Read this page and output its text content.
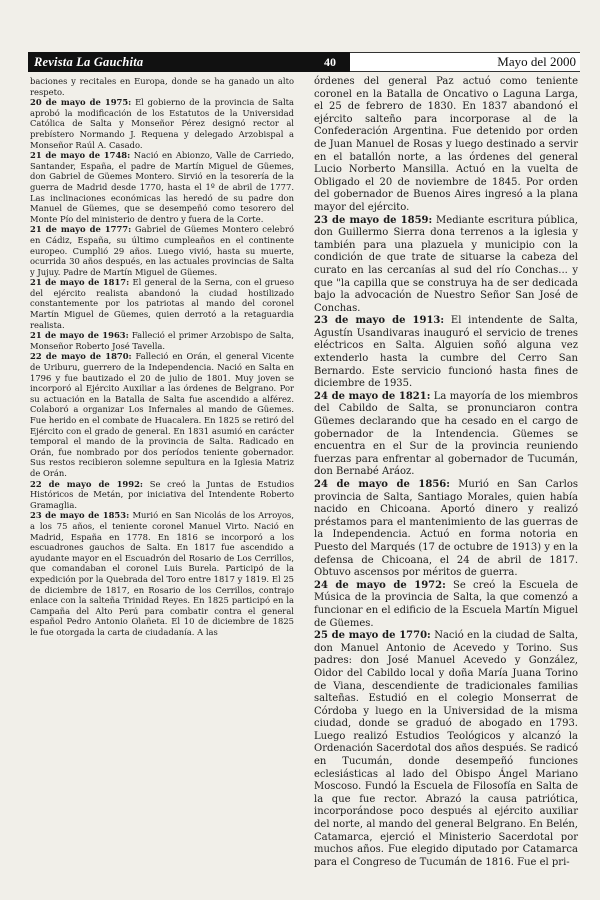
Revista La Gauchita	40	Mayo del 2000

baciones y recitales en Europa, donde se ha ganado un alto respeto.

20 de mayo de 1975: El gobierno de la provincia de Salta aprobó la modificación de los Estatutos de la Universidad Católica de Salta y Monseñor Pérez designó rector al prebístero Normando J. Requena y delegado Arzobispal a Monseñor Raúl A. Casado.

21 de mayo de 1748: Nació en Abionzo, Valle de Carriedo, Santander, España, el padre de Martín Miguel de Güemes, don Gabriel de Güemes Montero. Sirvió en la tesorería de la guerra de Madrid desde 1770, hasta el 1º de abril de 1777. Las inclinaciones económicas las heredó de su padre don Manuel de Güemes, que se desempeñó como tesorero del Monte Pío del ministerio de dentro y fuera de la Corte.

21 de mayo de 1777: Gabriel de Güemes Montero celebró en Cádiz, España, su último cumpleaños en el continente europeo. Cumplió 29 años. Luego vivió, hasta su muerte, ocurrida 30 años después, en las actuales provincias de Salta y Jujuy. Padre de Martín Miguel de Güemes.

21 de mayo de 1817: El general de la Serna, con el grueso del ejército realista abandonó la ciudad hostilizado constantemente por los patriotas al mando del coronel Martín Miguel de Güemes, quien derrotó a la retaguardia realista.

21 de mayo de 1963: Falleció el primer Arzobispo de Salta, Monseñor Roberto José Tavella.

22 de mayo de 1870: Falleció en Orán, el general Vicente de Uriburu, guerrero de la Independencia. Nació en Salta en 1796 y fue bautizado el 20 de julio de 1801. Muy joven se incorporó al Ejército Auxiliar a las órdenes de Belgrano. Por su actuación en la Batalla de Salta fue ascendido a alférez. Colaboró a organizar Los Infernales al mando de Güemes. Fue herido en el combate de Huacalera. En 1825 se retiró del Ejército con el grado de general. En 1831 asumió en carácter temporal el mando de la provincia de Salta. Radicado en Orán, fue nombrado por dos períodos teniente gobernador. Sus restos recibieron solemne sepultura en la Iglesia Matriz de Orán.

22 de mayo de 1992: Se creó la Juntas de Estudios Históricos de Metán, por iniciativa del Intendente Roberto Gramaglia.

23 de mayo de 1853: Murió en San Nicolás de los Arroyos, a los 75 años, el teniente coronel Manuel Virto. Nació en Madrid, España en 1778. En 1816 se incorporó a los escuadrones gauchos de Salta. En 1817 fue ascendido a ayudante mayor en el Escuadrón del Rosario de Los Cerrillos, que comandaban el coronel Luis Burela. Participó de la expedición por la Quebrada del Toro entre 1817 y 1819. El 25 de diciembre de 1817, en Rosario de los Cerrillos, contrajo enlace con la salteña Trinidad Reyes. En 1825 participó en la Campaña del Alto Perú para combatir contra el general español Pedro Antonio Olañeta. El 10 de diciembre de 1825 le fue otorgada la carta de ciudadanía. A las

órdenes del general Paz actuó como teniente coronel en la Batalla de Oncativo o Laguna Larga, el 25 de febrero de 1830. En 1837 abandonó el ejército salteño para incorporase al de la Confederación Argentina. Fue detenido por orden de Juan Manuel de Rosas y luego destinado a servir en el batallón norte, a las órdenes del general Lucio Norberto Mansilla. Actuó en la vuelta de Obligado el 20 de noviembre de 1845. Por orden del gobernador de Buenos Aires ingresó a la plana mayor del ejército.

23 de mayo de 1859: Mediante escritura pública, don Guillermo Sierra dona terrenos a la iglesia y también para una plazuela y municipio con la condición de que trate de situarse la cabeza del curato en las cercanías al sud del río Conchas... y que "la capilla que se construya ha de ser dedicada bajo la advocación de Nuestro Señor San José de Conchas.

23 de mayo de 1913: El intendente de Salta, Agustín Usandivaras inauguró el servicio de trenes eléctricos en Salta. Alguien soñó alguna vez extenderlo hasta la cumbre del Cerro San Bernardo. Este servicio funcionó hasta fines de diciembre de 1935.

24 de mayo de 1821: La mayoría de los miembros del Cabildo de Salta, se pronunciaron contra Güemes declarando que ha cesado en el cargo de gobernador de la Intendencia. Güemes se encuentra en el Sur de la provincia reuniendo fuerzas para enfrentar al gobernador de Tucumán, don Bernabé Aráoz.

24 de mayo de 1856: Murió en San Carlos provincia de Salta, Santiago Morales, quien había nacido en Chicoana. Aportó dinero y realizó préstamos para el mantenimiento de las guerras de la Independencia. Actuó en forma notoria en Puesto del Marqués (17 de octubre de 1913) y en la defensa de Chicoana, el 24 de abril de 1817. Obtuvo ascensos por méritos de guerra.

24 de mayo de 1972: Se creó la Escuela de Música de la provincia de Salta, la que comenzó a funcionar en el edificio de la Escuela Martín Miguel de Güemes.

25 de mayo de 1770: Nació en la ciudad de Salta, don Manuel Antonio de Acevedo y Torino. Sus padres: don José Manuel Acevedo y González, Oidor del Cabildo local y doña María Juana Torino de Viana, descendiente de tradicionales familias salteñas. Estudió en el colegio Monserrat de Córdoba y luego en la Universidad de la misma ciudad, donde se graduó de abogado en 1793. Luego realizó Estudios Teológicos y alcanzó la Ordenación Sacerdotal dos años después. Se radicó en Tucumán, donde desempeñó funciones eclesiásticas al lado del Obispo Ángel Mariano Moscoso. Fundó la Escuela de Filosofía en Salta de la que fue rector. Abrazó la causa patriótica, incorporándose poco después al ejército auxiliar del norte, al mando del general Belgrano. En Belén, Catamarca, ejerció el Ministerio Sacerdotal por muchos años. Fue elegido diputado por Catamarca para el Congreso de Tucumán de 1816. Fue el pri-
